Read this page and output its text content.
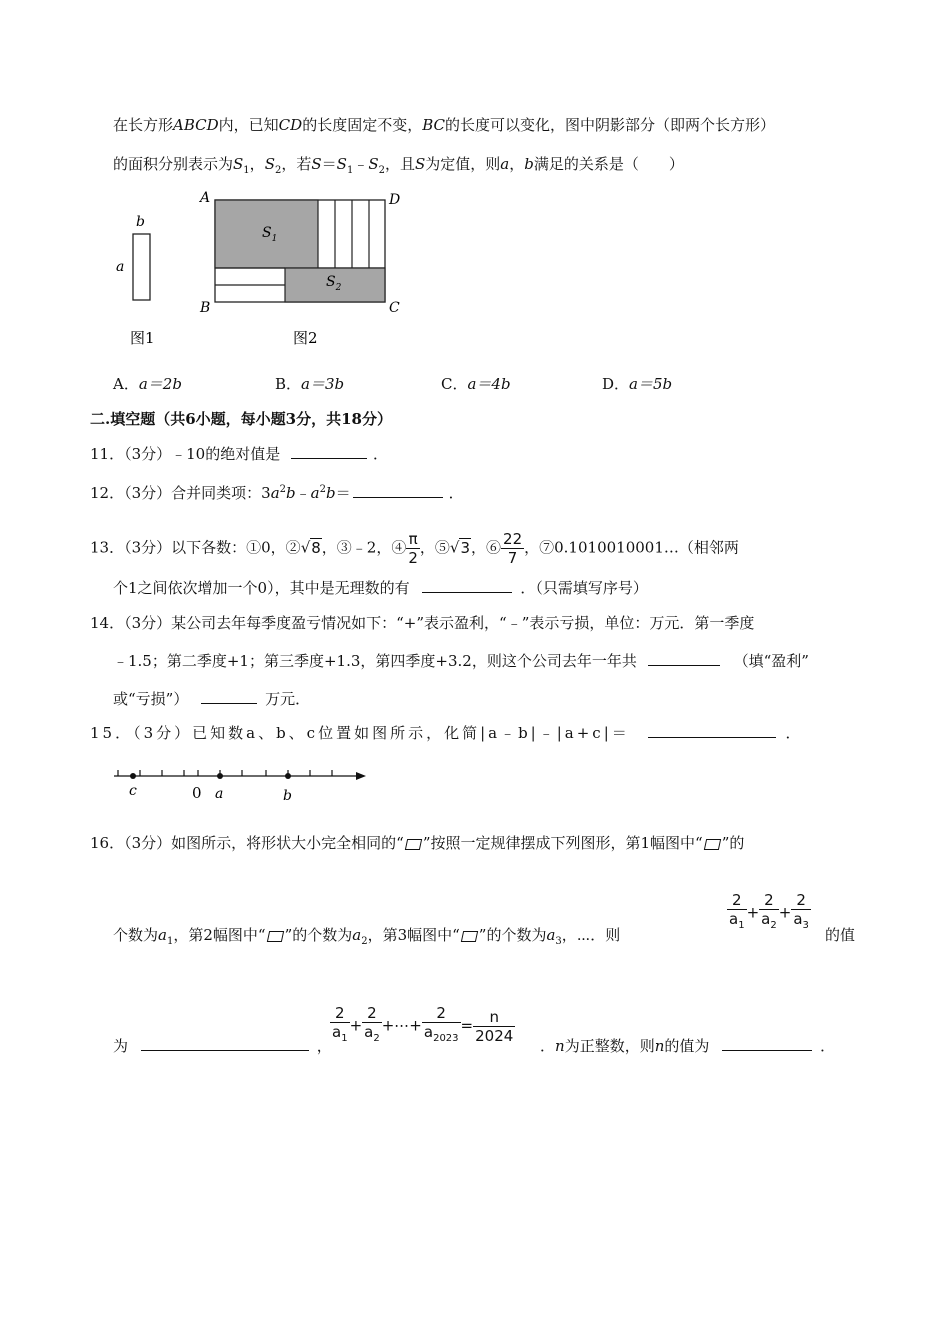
在长方形ABCD内，已知CD的长度固定不变，BC的长度可以变化，图中阴影部分（即两个长方形）
的面积分别表示为$S_1$，$S_2$，若$S=S_1﹣S_2$，且S为定值，则a，b满足的关系是（　　）
b
a
图1
$S_1$
$S_2$
A	D
B	C
图2
A．a＝2b	B．a＝3b	C．a＝4b	D．a＝5b
二.填空题（共6小题，每小题3分，共18分）
11．（3分）﹣10的绝对值是	．
12．（3分）合并同类项：$3a^2b﹣a^2b=$	．
13．（3分）以下各数：①0，②√8，③﹣2，④ $\frac{\pi}{2}$ ，⑤√3，⑥ $\frac{22}{7}$ ，⑦0.1010010001…（相邻两
个1之间依次增加一个0），其中是无理数的有	．（只需填写序号）
14．（3分）某公司去年每季度盈亏情况如下：“+”表示盈利，“﹣”表示亏损，单位：万元．第一季度
﹣1.5；第二季度+1；第三季度+1.3，第四季度+3.2，则这个公司去年一年共	（填“盈利”
或“亏损”）	万元．
15．（3分）已知数a、b、c位置如图所示，化简|a﹣b|﹣|a+c|＝	．
c	0 a	b
16．（3分）如图所示，将形状大小完全相同的“ ”按照一定规律摆成下列图形，第1幅图中“ ”的
$\frac{2}{a_1} + \frac{2}{a_2} + \frac{2}{a_3}$
个数为$a_1$，第2幅图中“ ”的个数为$a_2$，第3幅图中“ ”的个数为$a_3$，⋯．则	的值
为	，
$\frac{2}{a_1} + \frac{2}{a_2}$ +⋯+ $\frac{2}{a_{2023}} = \frac{n}{2024}$
．n为正整数，则n的值为	．
